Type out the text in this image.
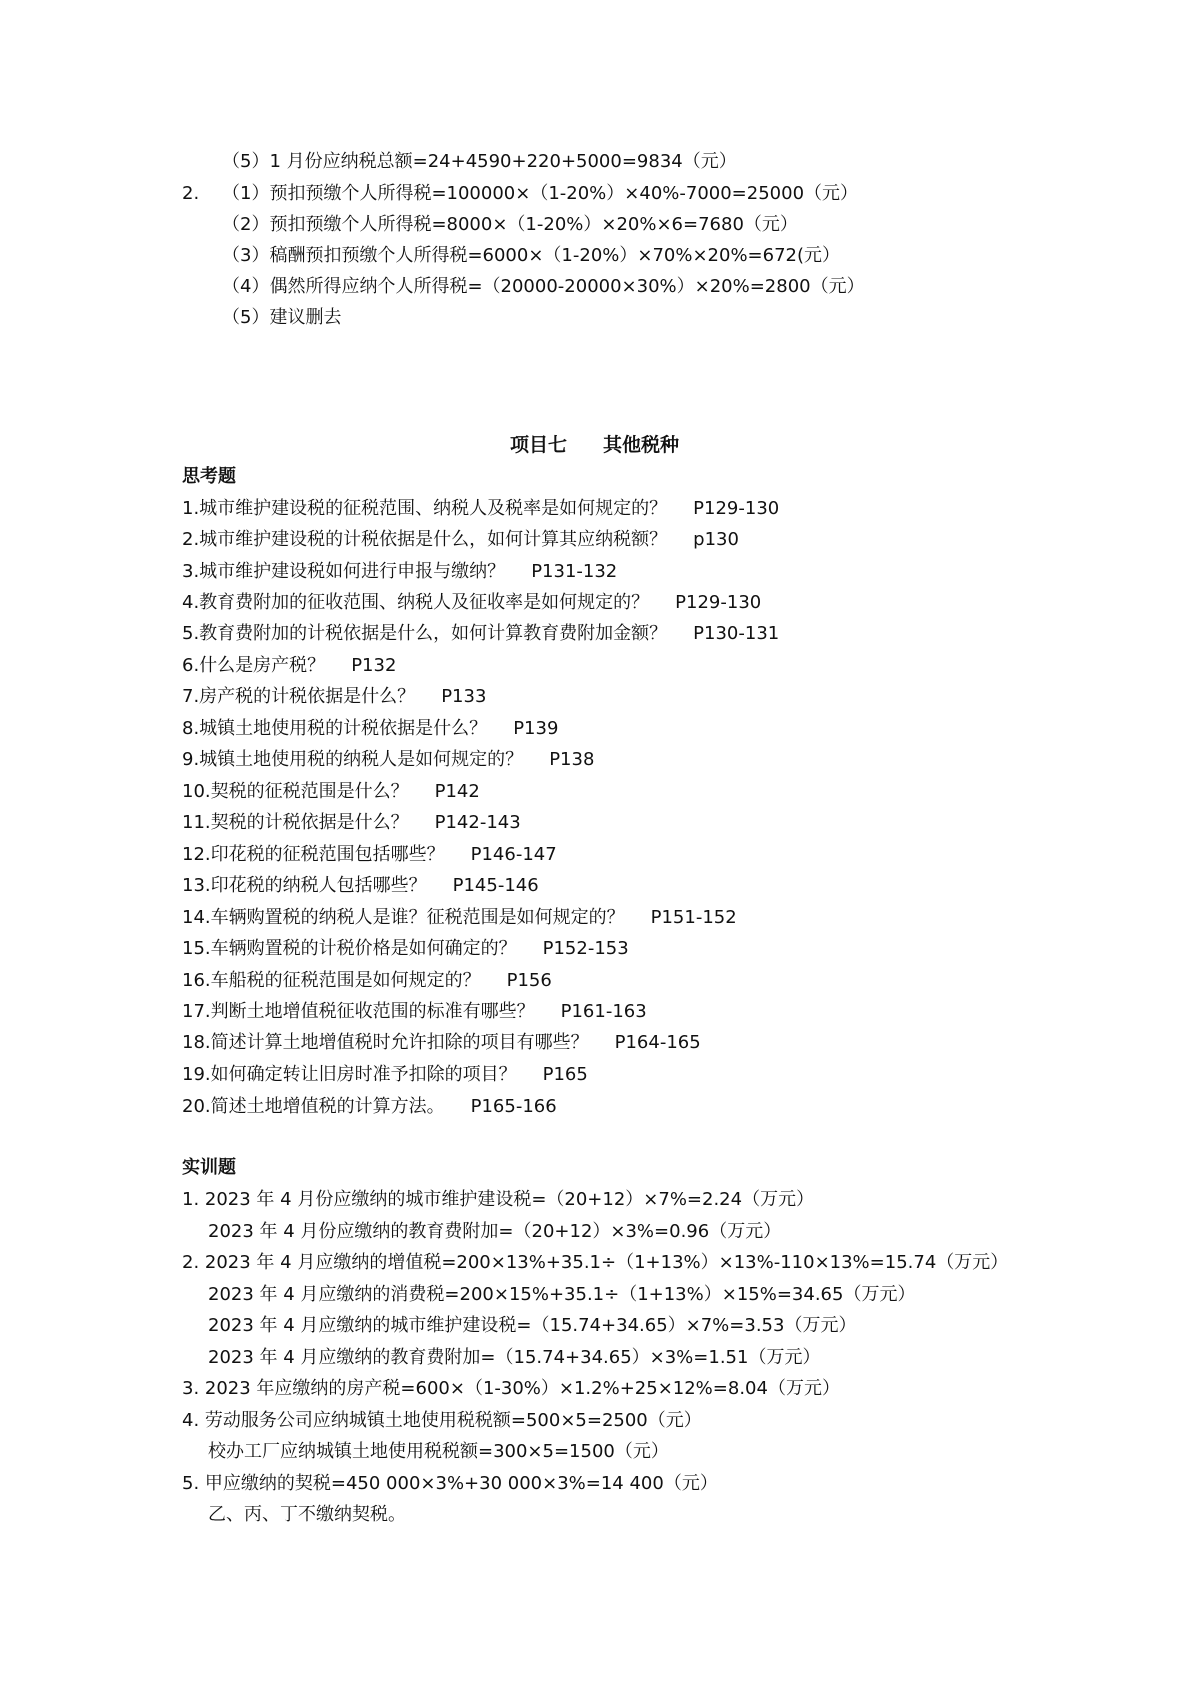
（5）1 月份应纳税总额=24+4590+220+5000=9834（元）
2. （1）预扣预缴个人所得税=100000×（1-20%）×40%-7000=25000（元）
（2）预扣预缴个人所得税=8000×（1-20%）×20%×6=7680（元）
（3）稿酬预扣预缴个人所得税=6000×（1-20%）×70%×20%=672(元）
（4）偶然所得应纳个人所得税=（20000-20000×30%）×20%=2800（元）
（5）建议删去
项目七 其他税种
思考题
1.城市维护建设税的征税范围、纳税人及税率是如何规定的？ P129-130
2.城市维护建设税的计税依据是什么，如何计算其应纳税额？ p130
3.城市维护建设税如何进行申报与缴纳？ P131-132
4.教育费附加的征收范围、纳税人及征收率是如何规定的？ P129-130
5.教育费附加的计税依据是什么，如何计算教育费附加金额？ P130-131
6.什么是房产税？ P132
7.房产税的计税依据是什么？ P133
8.城镇土地使用税的计税依据是什么？ P139
9.城镇土地使用税的纳税人是如何规定的？ P138
10.契税的征税范围是什么？ P142
11.契税的计税依据是什么？ P142-143
12.印花税的征税范围包括哪些？ P146-147
13.印花税的纳税人包括哪些？ P145-146
14.车辆购置税的纳税人是谁？征税范围是如何规定的？ P151-152
15.车辆购置税的计税价格是如何确定的？ P152-153
16.车船税的征税范围是如何规定的？ P156
17.判断土地增值税征收范围的标准有哪些？ P161-163
18.简述计算土地增值税时允许扣除的项目有哪些？ P164-165
19.如何确定转让旧房时准予扣除的项目？ P165
20.简述土地增值税的计算方法。 P165-166
实训题
1. 2023 年 4 月份应缴纳的城市维护建设税=（20+12）×7%=2.24（万元）
2023 年 4 月份应缴纳的教育费附加=（20+12）×3%=0.96（万元）
2. 2023 年 4 月应缴纳的增值税=200×13%+35.1÷（1+13%）×13%-110×13%=15.74（万元）
2023 年 4 月应缴纳的消费税=200×15%+35.1÷（1+13%）×15%=34.65（万元）
2023 年 4 月应缴纳的城市维护建设税=（15.74+34.65）×7%=3.53（万元）
2023 年 4 月应缴纳的教育费附加=（15.74+34.65）×3%=1.51（万元）
3. 2023 年应缴纳的房产税=600×（1-30%）×1.2%+25×12%=8.04（万元）
4. 劳动服务公司应纳城镇土地使用税税额=500×5=2500（元）
校办工厂应纳城镇土地使用税税额=300×5=1500（元）
5. 甲应缴纳的契税=450 000×3%+30 000×3%=14 400（元）
乙、丙、丁不缴纳契税。
